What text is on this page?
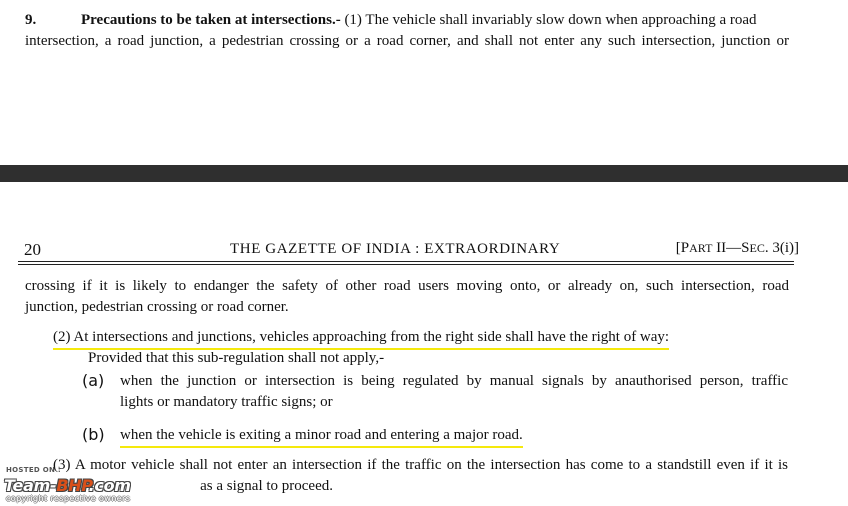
9.	Precautions to be taken at intersections.- (1) The vehicle shall invariably slow down when approaching a road
intersection, a road junction, a pedestrian crossing or a road corner, and shall not enter any such intersection, junction or
20	THE GAZETTE OF INDIA : EXTRAORDINARY	[PART II—SEC. 3(i)]
crossing if it is likely to endanger the safety of other road users moving onto, or already on, such intersection, road
junction, pedestrian crossing or road corner.
(2) At intersections and junctions, vehicles approaching from the right side shall have the right of way:
Provided that this sub-regulation shall not apply,-
(a) when the junction or intersection is being regulated by manual signals by anauthorised person, traffic
lights or mandatory traffic signs; or
(b) when the vehicle is exiting a minor road and entering a major road.
(3) A motor vehicle shall not enter an intersection if the traffic on the intersection has come to a standstill even if it is
as a signal to proceed.
HOSTED ON :
Team-BHP.com
copyright respective owners
